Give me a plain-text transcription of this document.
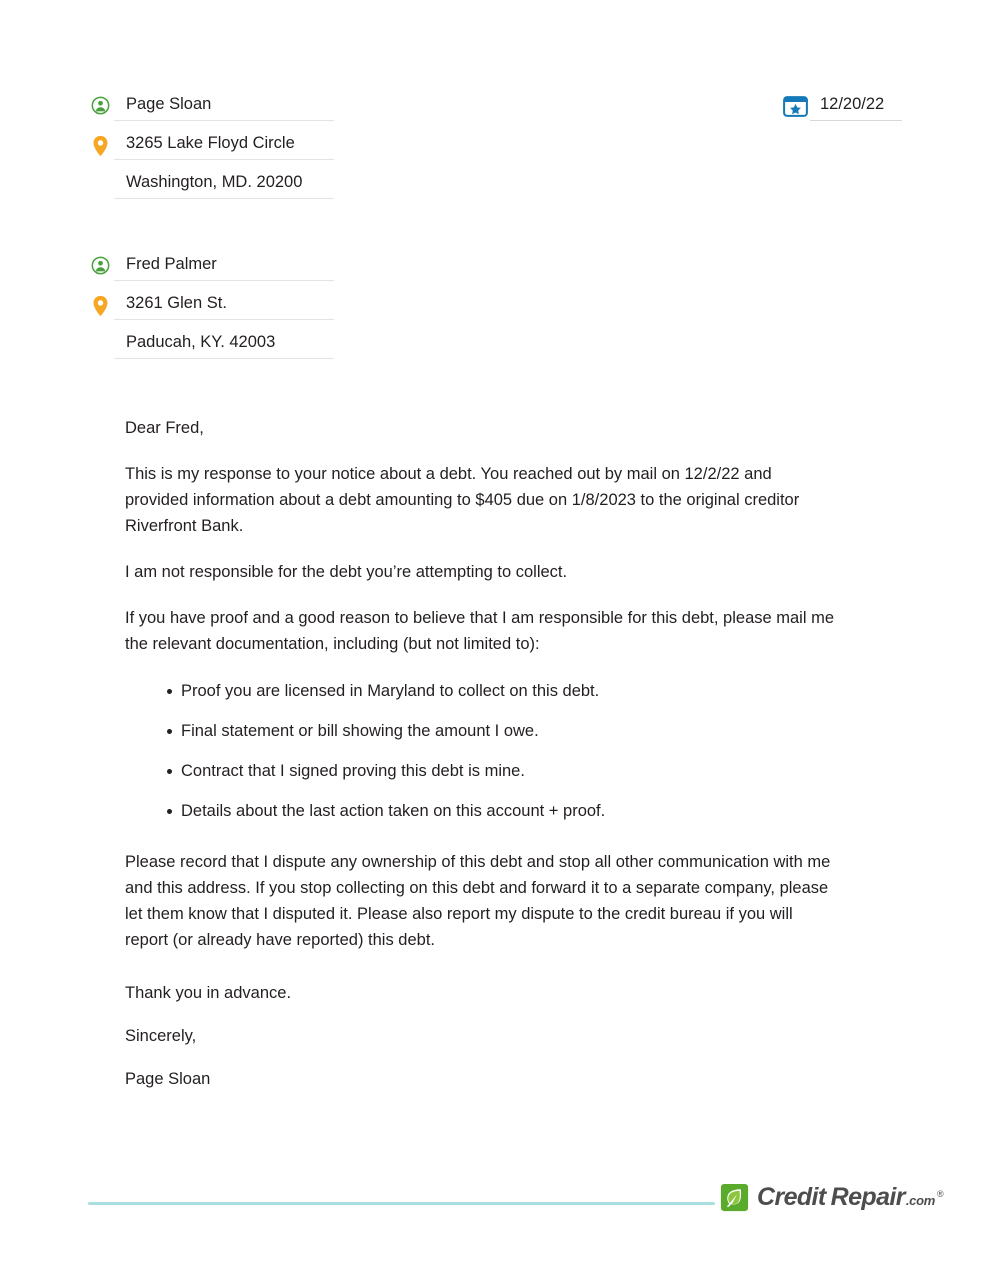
Page Sloan
3265 Lake Floyd Circle
Washington, MD. 20200
12/20/22
Fred Palmer
3261 Glen St.
Paducah, KY. 42003

Dear Fred,

This is my response to your notice about a debt. You reached out by mail on 12/2/22 and provided information about a debt amounting to $405 due on 1/8/2023 to the original creditor Riverfront Bank.

I am not responsible for the debt you’re attempting to collect.

If you have proof and a good reason to believe that I am responsible for this debt, please mail me the relevant documentation, including (but not limited to):

Proof you are licensed in Maryland to collect on this debt.
Final statement or bill showing the amount I owe.
Contract that I signed proving this debt is mine.
Details about the last action taken on this account + proof.

Please record that I dispute any ownership of this debt and stop all other communication with me and this address. If you stop collecting on this debt and forward it to a separate company, please let them know that I disputed it. Please also report my dispute to the credit bureau if you will report (or already have reported) this debt.

Thank you in advance.

Sincerely,

Page Sloan

Credit Repair .com ®
